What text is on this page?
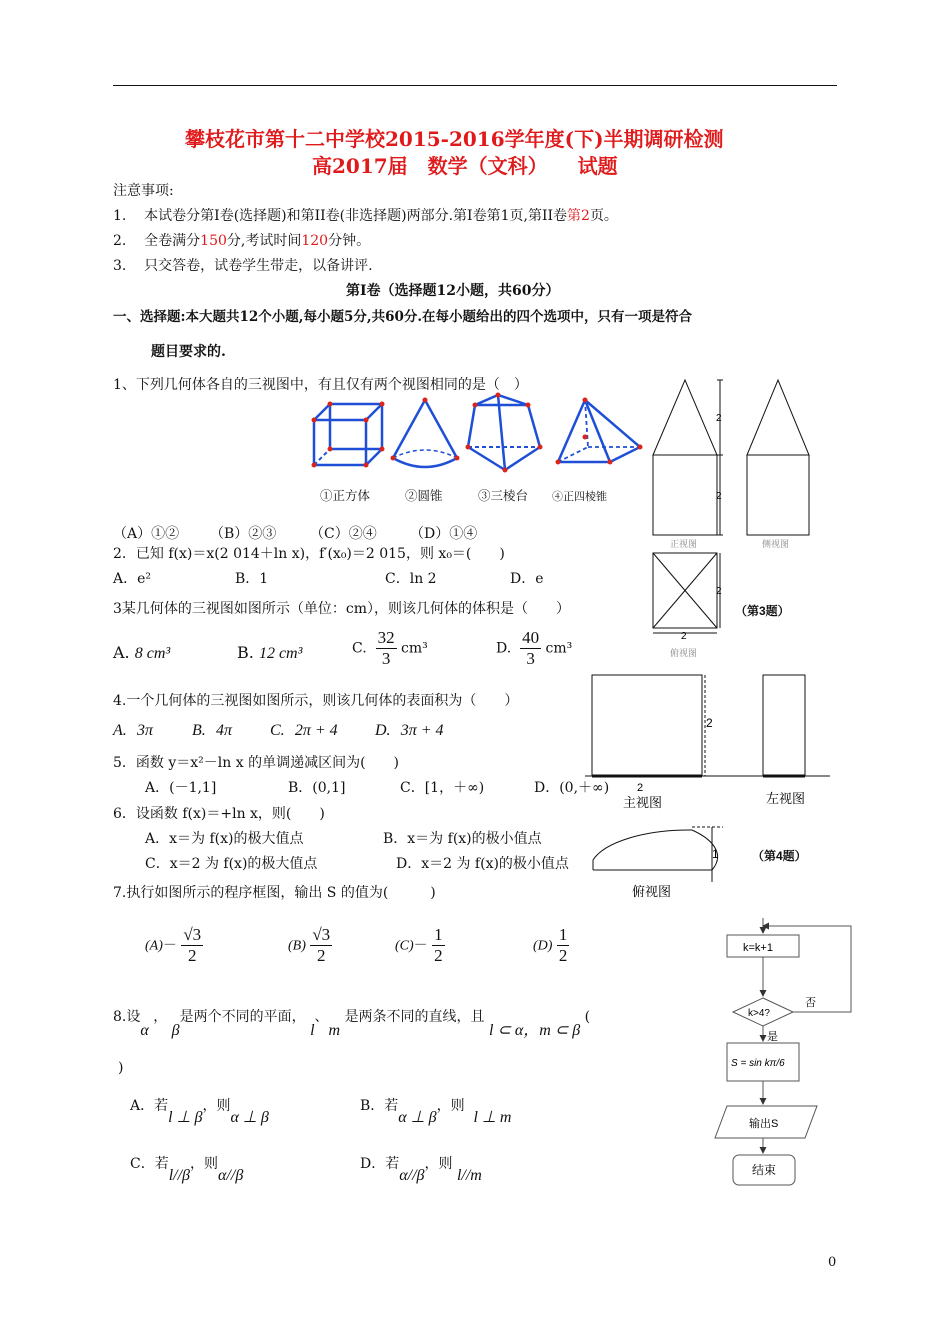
攀枝花市第十二中学校2015-2016学年度(下)半期调研检测
高2017届　数学（文科）　　试题
注意事项:
1. 本试卷分第I卷(选择题)和第II卷(非选择题)两部分.第I卷第1页,第II卷第2页。
2. 全卷满分150分,考试时间120分钟。
3. 只交答卷，试卷学生带走，以备讲评.
第I卷（选择题12小题，共60分）
一、选择题:本大题共12个小题,每小题5分,共60分.在每小题给出的四个选项中，只有一项是符合
题目要求的.
1、下列几何体各自的三视图中，有且仅有两个视图相同的是（　）
①正方体	②圆锥	③三棱台 ④正四棱锥
（A）①② （B）②③ （C）②④ （D）①④
2．已知 f(x)＝x(2 014＋ln x)，f′(x₀)＝2 015，则 x₀＝(　　)
A．e²	B．1	C．ln 2	D．e
3某几何体的三视图如图所示（单位：cm），则该几何体的体积是（　　）
A. 8 cm³	B. 12 cm³	C. $\frac{32}{3} cm^3$	D. $\frac{40}{3} cm^3$
2
2
2
2
正视图	侧视图
俯视图
（第3题）
4.一个几何体的三视图如图所示，则该几何体的表面积为（　　）
A. 3π B. 4π C. 2π + 4 D. 3π + 4	2
2
1
主视图	左视图
俯视图
（第4题）
5．函数 y＝x²－ln x 的单调递减区间为(　　)
A．(－1,1]	B．(0,1]	C．[1，＋∞)	D．(0,＋∞)
6．设函数 f(x)＝+ln x，则(　　)
A．x＝为 f(x)的极大值点	B．x＝为 f(x)的极小值点
C．x＝2 为 f(x)的极大值点	D．x＝2 为 f(x)的极小值点
7.执行如图所示的程序框图，输出 S 的值为(　　　)
$(A)- \frac{√3}{2}$	$(B) \frac{√3}{2}$	$(C)- \frac{1}{2}$	$(D) \frac{1}{2}$	k=k+1
k>4?
否
是
S = sin kπ/6
输出S
结束
8.设α ， β是两个不同的平面， l、m 是两条不同的直线，且 l ⊂ α，m ⊂ β (
)
A．若l ⊥ β，则α ⊥ β
B．若α ⊥ β，则  l ⊥ m
C．若l//β，则α//β
D．若α//β，则 l//m
0
